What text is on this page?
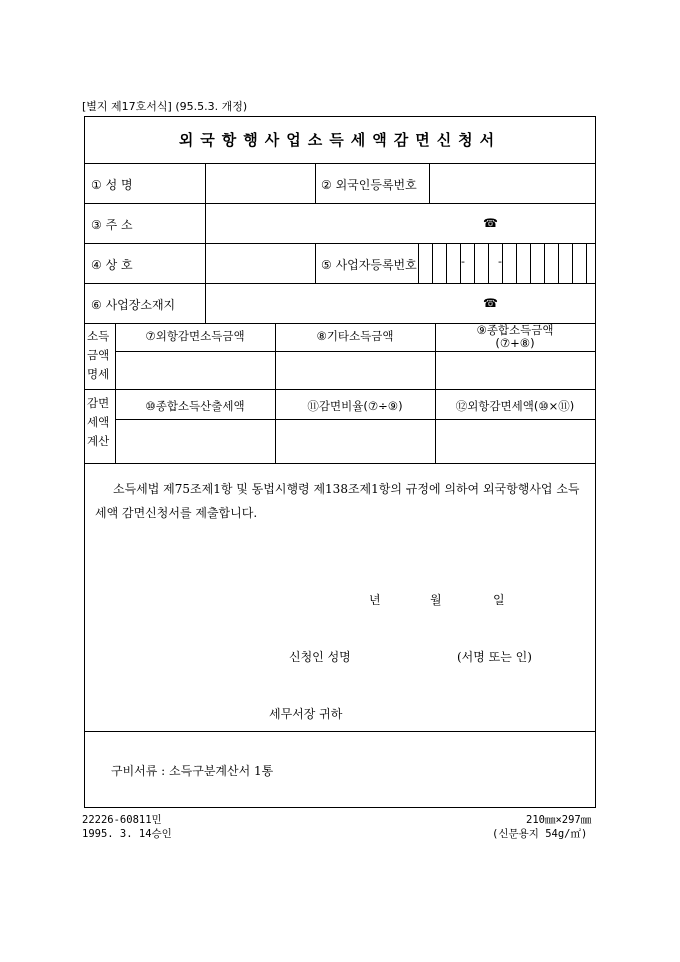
[별지 제17호서식] (95.5.3. 개정)
외국항행사업소득세액감면신청서
① 성 명	② 외국인등록번호
③ 주 소	☎
④ 상 호	⑤ 사업자등록번호	-	-
⑥ 사업장소재지	☎
소득
금액
명세
⑦외항감면소득금액	⑧기타소득금액	⑨종합소득금액
(⑦+⑧)
감면
세액
계산
⑩종합소득산출세액	⑪감면비율(⑦÷⑨)	⑫외항감면세액(⑩×⑪)
소득세법 제75조제1항 및 동법시행령 제138조제1항의 규정에 의하여 외국항행사업 소득세액 감면신청서를 제출합니다.
년	월	일
신청인 성명	(서명 또는 인)
세무서장 귀하
구비서류 : 소득구분계산서 1통
22226-60811민
1995. 3. 14승인
210㎜×297㎜
(신문용지 54g/㎡)
